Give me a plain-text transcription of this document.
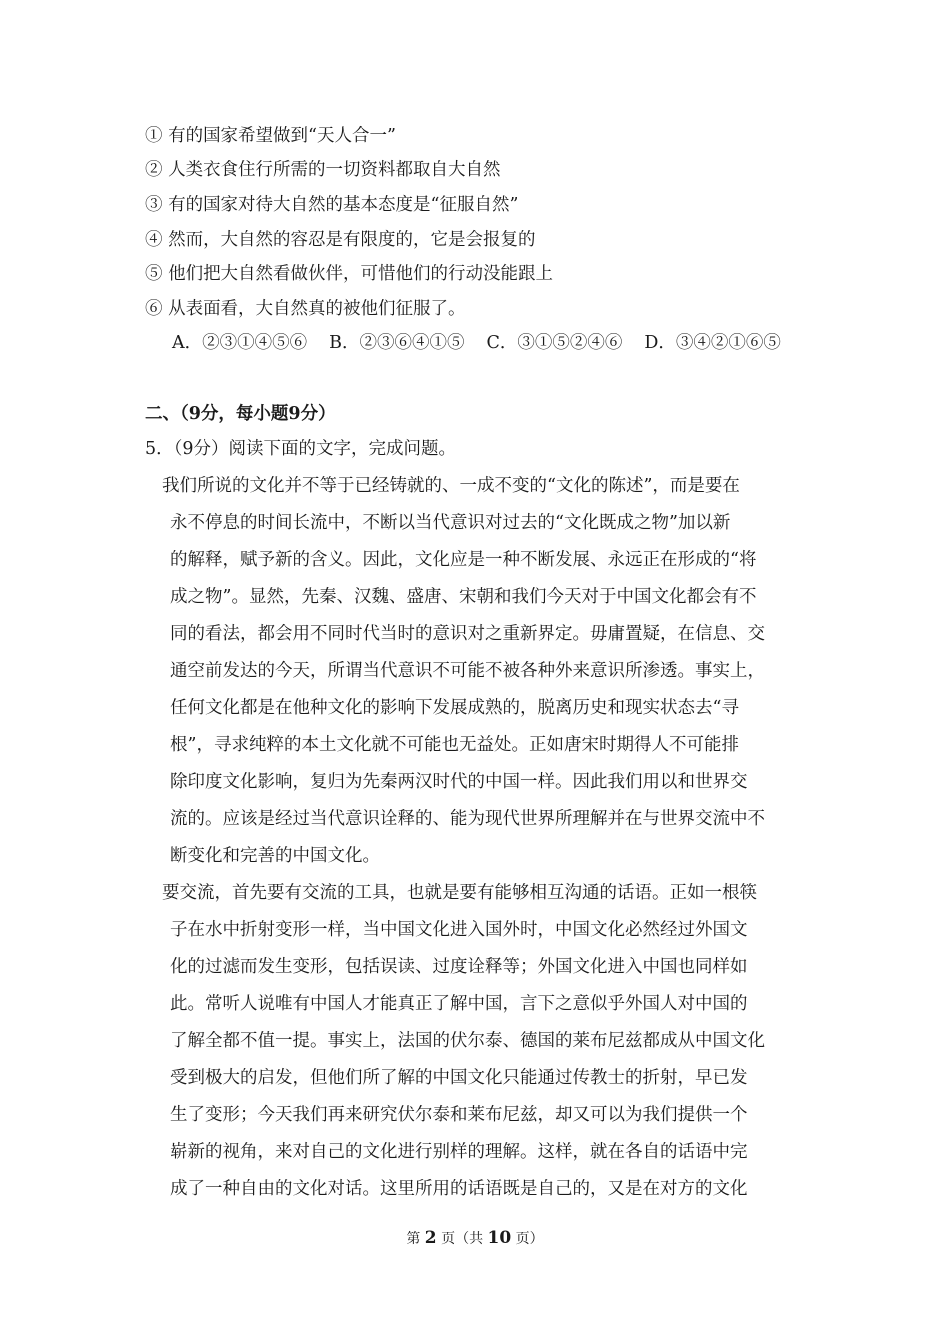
① 有的国家希望做到“天人合一”
② 人类衣食住行所需的一切资料都取自大自然
③ 有的国家对待大自然的基本态度是“征服自然”
④ 然而，大自然的容忍是有限度的，它是会报复的
⑤ 他们把大自然看做伙伴，可惜他们的行动没能跟上
⑥ 从表面看，大自然真的被他们征服了。
A．②③①④⑤⑥ B．②③⑥④①⑤ C．③①⑤②④⑥ D．③④②①⑥⑤
二、（9分，每小题9分）
5．（9分）阅读下面的文字，完成问题。
我们所说的文化并不等于已经铸就的、一成不变的“文化的陈述”，而是要在
永不停息的时间长流中，不断以当代意识对过去的“文化既成之物”加以新
的解释，赋予新的含义。因此，文化应是一种不断发展、永远正在形成的“将
成之物”。显然，先秦、汉魏、盛唐、宋朝和我们今天对于中国文化都会有不
同的看法，都会用不同时代当时的意识对之重新界定。毋庸置疑，在信息、交
通空前发达的今天，所谓当代意识不可能不被各种外来意识所渗透。事实上，
任何文化都是在他种文化的影响下发展成熟的，脱离历史和现实状态去“寻
根”，寻求纯粹的本土文化就不可能也无益处。正如唐宋时期得人不可能排
除印度文化影响，复归为先秦两汉时代的中国一样。因此我们用以和世界交
流的。应该是经过当代意识诠释的、能为现代世界所理解并在与世界交流中不
断变化和完善的中国文化。
要交流，首先要有交流的工具，也就是要有能够相互沟通的话语。正如一根筷
子在水中折射变形一样，当中国文化进入国外时，中国文化必然经过外国文
化的过滤而发生变形，包括误读、过度诠释等；外国文化进入中国也同样如
此。常听人说唯有中国人才能真正了解中国，言下之意似乎外国人对中国的
了解全都不值一提。事实上，法国的伏尔泰、德国的莱布尼兹都成从中国文化
受到极大的启发，但他们所了解的中国文化只能通过传教士的折射，早已发
生了变形；今天我们再来研究伏尔泰和莱布尼兹，却又可以为我们提供一个
崭新的视角，来对自己的文化进行别样的理解。这样，就在各自的话语中完
成了一种自由的文化对话。这里所用的话语既是自己的，又是在对方的文化
第 2 页（共 10 页）
